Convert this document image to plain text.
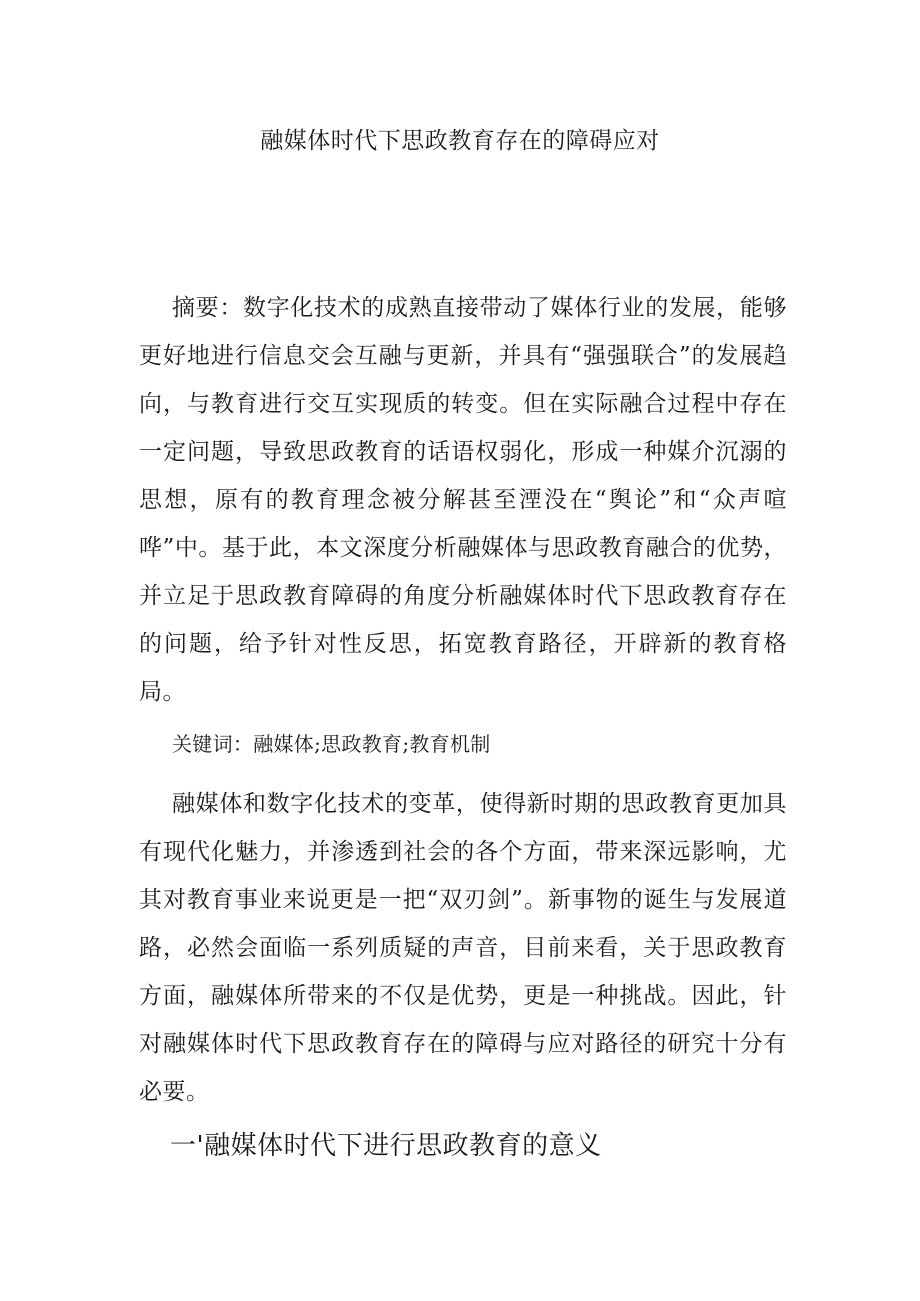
融媒体时代下思政教育存在的障碍应对

摘要：数字化技术的成熟直接带动了媒体行业的发展，能够更好地进行信息交会互融与更新，并具有“强强联合”的发展趋向，与教育进行交互实现质的转变。但在实际融合过程中存在一定问题，导致思政教育的话语权弱化，形成一种媒介沉溺的思想，原有的教育理念被分解甚至湮没在“舆论”和“众声喧哗”中。基于此，本文深度分析融媒体与思政教育融合的优势，并立足于思政教育障碍的角度分析融媒体时代下思政教育存在的问题，给予针对性反思，拓宽教育路径，开辟新的教育格局。

关键词：融媒体;思政教育;教育机制

融媒体和数字化技术的变革，使得新时期的思政教育更加具有现代化魅力，并渗透到社会的各个方面，带来深远影响，尤其对教育事业来说更是一把“双刃剑”。新事物的诞生与发展道路，必然会面临一系列质疑的声音，目前来看，关于思政教育方面，融媒体所带来的不仅是优势，更是一种挑战。因此，针对融媒体时代下思政教育存在的障碍与应对路径的研究十分有必要。

一'融媒体时代下进行思政教育的意义
